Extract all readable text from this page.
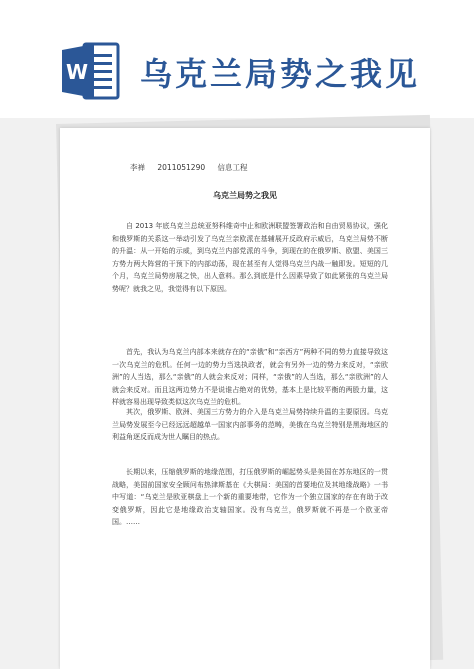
W 乌克兰局势之我见
李禅 2011051290 信息工程
乌克兰局势之我见
自 2013 年底乌克兰总统亚努科维奇中止和欧洲联盟签署政治和自由贸易协议，强化和俄罗斯的关系这一举动引发了乌克兰亲欧派在基辅展开反政府示威后，乌克兰局势不断的升温：从一开始的示威，到乌克兰内部党派的斗争，到现在的在俄罗斯、欧盟、美国三方势力两大阵营的干预下的内部动荡，现在甚至有人觉得乌克兰内战一触即发。短短的几个月，乌克兰局势房展之快，出人意料。那么到底是什么因素导致了如此紧张的乌克兰局势呢？就我之见，我觉得有以下原因。
首先，我认为乌克兰内部本来就存在的“亲俄”和“亲西方”两种不同的势力直接导致这一次乌克兰的危机。任何一边的势力当选执政者，就会有另外一边的势力来反对，“亲欧洲”的人当选，那么“亲俄”的人就会来反对；同样，“亲俄”的人当选，那么“亲欧洲”的人就会来反对。而且这两边势力不是说谁占绝对的优势，基本上是比较平衡的两股力量，这样就容易出现导致类似这次乌克兰的危机。
其次，俄罗斯、欧洲、美国三方势力的介入是乌克兰局势持续升温的主要原因。乌克兰局势发展至今已经远远超越单一国家内部事务的范畴，美俄在乌克兰特别是黑海地区的利益角逐反而成为世人瞩目的热点。
长期以来，压缩俄罗斯的地缘范围，打压俄罗斯的崛起势头是美国在苏东地区的一贯战略，美国前国家安全顾问布热津斯基在《大棋局：美国的首要地位及其地缘战略》一书中写道：“乌克兰是欧亚棋盘上一个新的重要地带，它作为一个独立国家的存在有助于改变俄罗斯，因此它是地缘政治支轴国家。没有乌克兰，俄罗斯就不再是一个欧亚帝国。……
